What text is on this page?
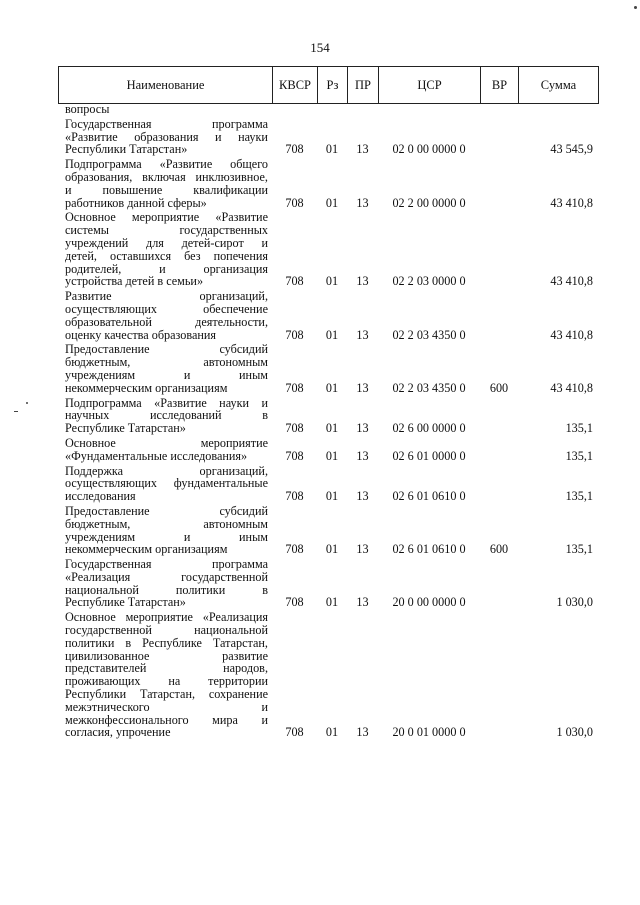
154
Наименование	КВСР	Рз	ПР	ЦСР	ВР	Сумма
вопросы
Государственная	программа
«Развитие образования и науки
Республики Татарстан»	708	01	13	02 0 00 0000 0	43 545,9
Подпрограмма «Развитие общего
образования, включая инклюзивное,
и	повышение	квалификации
работников данной сферы»	708	01	13	02 2 00 0000 0	43 410,8
Основное мероприятие «Развитие
системы	государственных
учреждений для детей-сирот и
детей, оставшихся без попечения
родителей,	и	организация
устройства детей в семьи»	708	01	13	02 2 03 0000 0	43 410,8
Развитие	организаций,
осуществляющих	обеспечение
образовательной	деятельности,
оценку качества образования	708	01	13	02 2 03 4350 0	43 410,8
Предоставление	субсидий
бюджетным,	автономным
учреждениям	и	иным
некоммерческим организациям	708	01	13	02 2 03 4350 0	600	43 410,8
Подпрограмма «Развитие науки и
научных	исследований	в
Республике Татарстан»	708	01	13	02 6 00 0000 0	135,1
Основное	мероприятие
«Фундаментальные исследования»	708	01	13	02 6 01 0000 0	135,1
Поддержка	организаций,
осуществляющих фундаментальные
исследования	708	01	13	02 6 01 0610 0	135,1
Предоставление	субсидий
бюджетным,	автономным
учреждениям	и	иным
некоммерческим организациям	708	01	13	02 6 01 0610 0	600	135,1
Государственная	программа
«Реализация	государственной
национальной	политики	в
Республике Татарстан»	708	01	13	20 0 00 0000 0	1 030,0
Основное мероприятие «Реализация
государственной	национальной
политики в Республике Татарстан,
цивилизованное	развитие
представителей	народов,
проживающих на территории
Республики Татарстан, сохранение
межэтнического	и
межконфессионального мира и
согласия, упрочение	708	01	13	20 0 01 0000 0	1 030,0
